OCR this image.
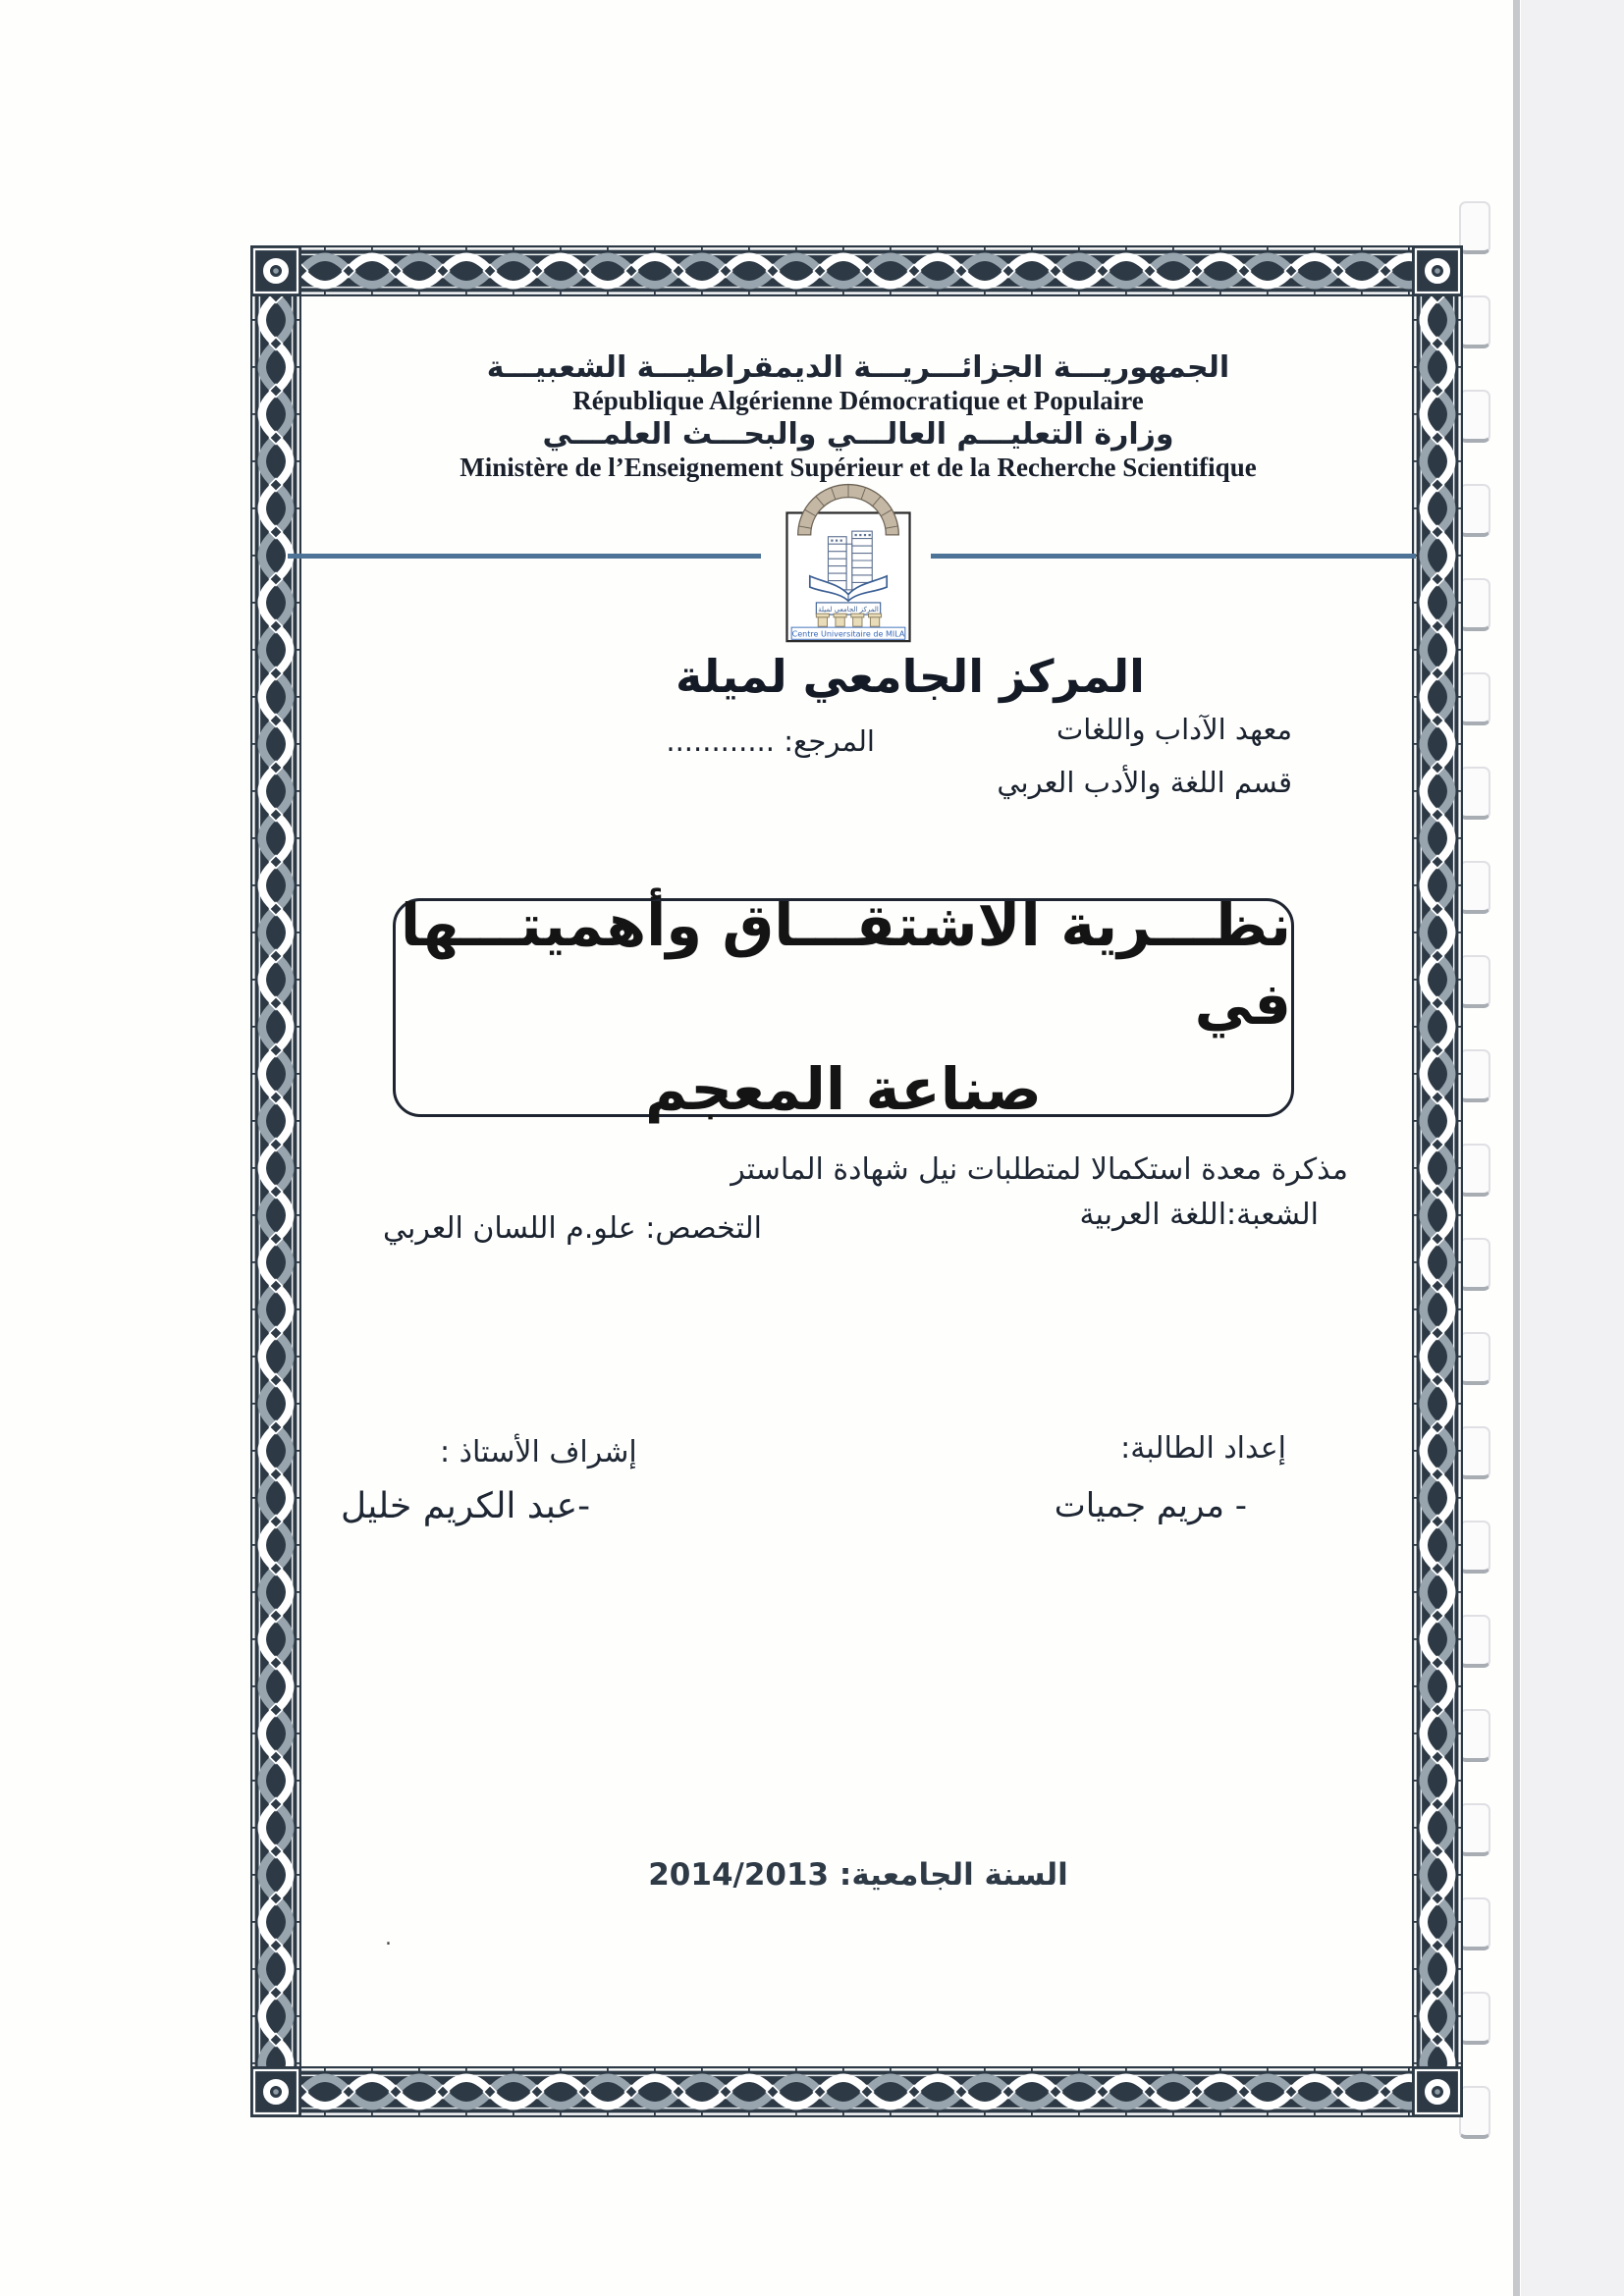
الجمهوريـــة الجزائـــريـــة الديمقراطيـــة الشعبيـــة
République Algérienne Démocratique et Populaire
وزارة التعليـــم العالـــي والبحـــث العلمـــي
Ministère de l’Enseignement Supérieur et de la Recherche Scientifique
المركز الجامعي لميلة
Centre Universitaire de MILA
المركز الجامعي لميلة
معهد الآداب واللغات
قسم اللغة والأدب العربي
المرجع: ............
نظـــرية الاشتقـــاق وأهميتـــها في
صناعة المعجم
مذكرة معدة استكمالا لمتطلبات نيل شهادة الماستر
الشعبة:اللغة العربية
التخصص: علو.م اللسان العربي
إعداد الطالبة:
- مريم جميات
إشراف الأستاذ :
-عبد الكريم خليل
السنة الجامعية: 2014/2013
.
